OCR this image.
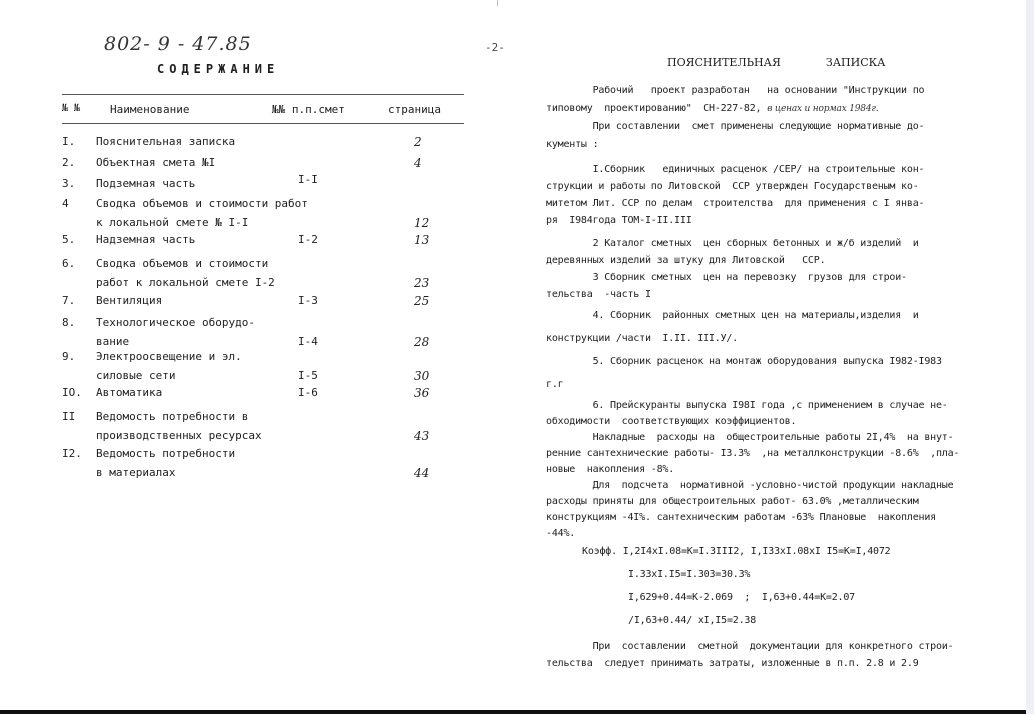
802- 9 - 47.85
СОДЕРЖАНИЕ
№ №	Наименование	№№ п.п.смет	страница
I. Пояснительная записка	2
2. Объектная смета №I	4
3. Подземная часть	I-I
4 Сводка объемов и стоимости работ
к локальной смете № I-I	12
5. Надземная часть	I-2	13
6. Сводка объемов и стоимости
работ к локальной смете I-2	23
7. Вентиляция	I-3	25
8. Технологическое оборудо-
вание	I-4	28
9. Электроосвещение и эл.
силовые сети	I-5	30
IO. Автоматика	I-6	36
II Ведомость потребности в
производственных ресурсах	43
I2. Ведомость потребности
в материалах	44
-2-
ПОЯСНИТЕЛЬНАЯ	ЗАПИСКА
Рабочий   проект разработан   на основании "Инструкции по
типовому  проектированию"  СН-227-82, в ценах и нормах 1984г.
При составлении  смет применены следующие нормативные до-
кументы :
I.Сборник   единичных расценок /СЕР/ на строительные кон-
струкции и работы по Литовской  ССР утвержден Государственым ко-
митетом Лит. ССР по делам  строителства  для применения с I янва-
ря  I984года ТОМ-I-II.III
2 Каталог сметных  цен сборных бетонных и ж/б изделий  и
деревянных изделий за штуку для Литовской   ССР.
3 Сборник сметных  цен на перевозку  грузов для строи-
тельства  -часть I
4. Сборник  районных сметных цен на материалы,изделия  и
конструкции /части  I.II. III.У/.
5. Сборник расценок на монтаж оборудования выпуска I982-I983
г.г
6. Прейскуранты выпуска I98I года ,с применением в случае не-
обходимости  соответствующих коэффициентов.
Накладные  расходы на  общестроительные работы 2I,4%  на внут-
ренние сантехнические работы- I3.3%  ,на металлконструкции -8.6%  ,пла-
новые  накопления -8%.
Для  подсчета  нормативной -условно-чистой продукции накладные
расходы приняты для общестроительных работ- 63.0% ,металлическим
конструкциям -4I%. сантехническим работам -63% Плановые  накопления
-44%.
Коэфф. I,2I4xI.08=К=I.3III2, I,I33xI.08xI I5=К=I,4072
I.33xI.I5=I.303=30.3%
I,629+0.44=К-2.069  ;  I,63+0.44=К=2.07
/I,63+0.44/ xI,I5=2.38
При  составлении  сметной  документации для конкретного строи-
тельства  следует принимать затраты, изложенные в п.п. 2.8 и 2.9
